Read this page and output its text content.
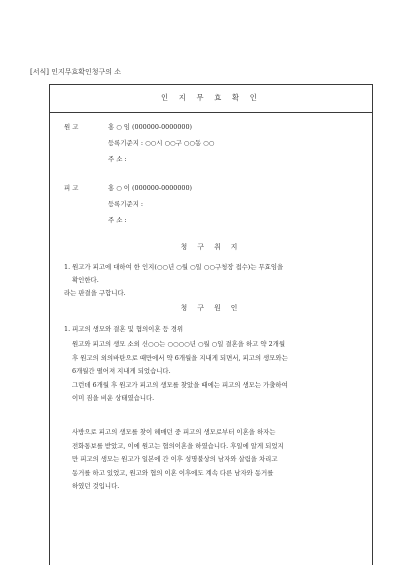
[서식] 인지무효확인청구의 소
인 지 무 효 확 인
원 고	홍 ○ 임 (000000-0000000)
등록기준지 : ○○시 ○○구 ○○동 ○○
주 소 :
피 고	홍 ○ 이 (000000-0000000)
등록기준지 :
주 소 :
청 구 취 지
1. 원고가 피고에 대하여 한 인지(○○년 ○월 ○일 ○○구청장 접수)는 무효임을
확인한다.
라는 판결을 구합니다.
청 구 원 인
1. 피고의 생모와 결혼 및 협의이혼 등 경위
원고와 피고의 생모 소외 신○○는 ○○○○년 ○월 ○일 결혼을 하고 약 2개월
후 원고의 외의바탄으로 때만에서 약 6개월을 지내게 되면서, 피고의 생모와는
6개월간 떨어져 지내게 되었습니다.
그런데 6개월 후 원고가 피고의 생모를 찾았을 때에는 피고의 생모는 가출하여
이미 짐을 비운 상태였습니다.
사방으로 피고의 생모를 찾이 헤매던 중 피고의 생모로부터 이혼을 하자는
전화통보를 받았고, 이에 원고는 협의이혼을 하였습니다. 후일에 알게 되었지
만 피고의 생모는 원고가 일본에 간 이후 성명불상의 남자와 살림을 차리고
동거를 하고 있었고, 원고와 협의 이혼 이후에도 계속 다른 남자와 동거를
하였던 것입니다.
